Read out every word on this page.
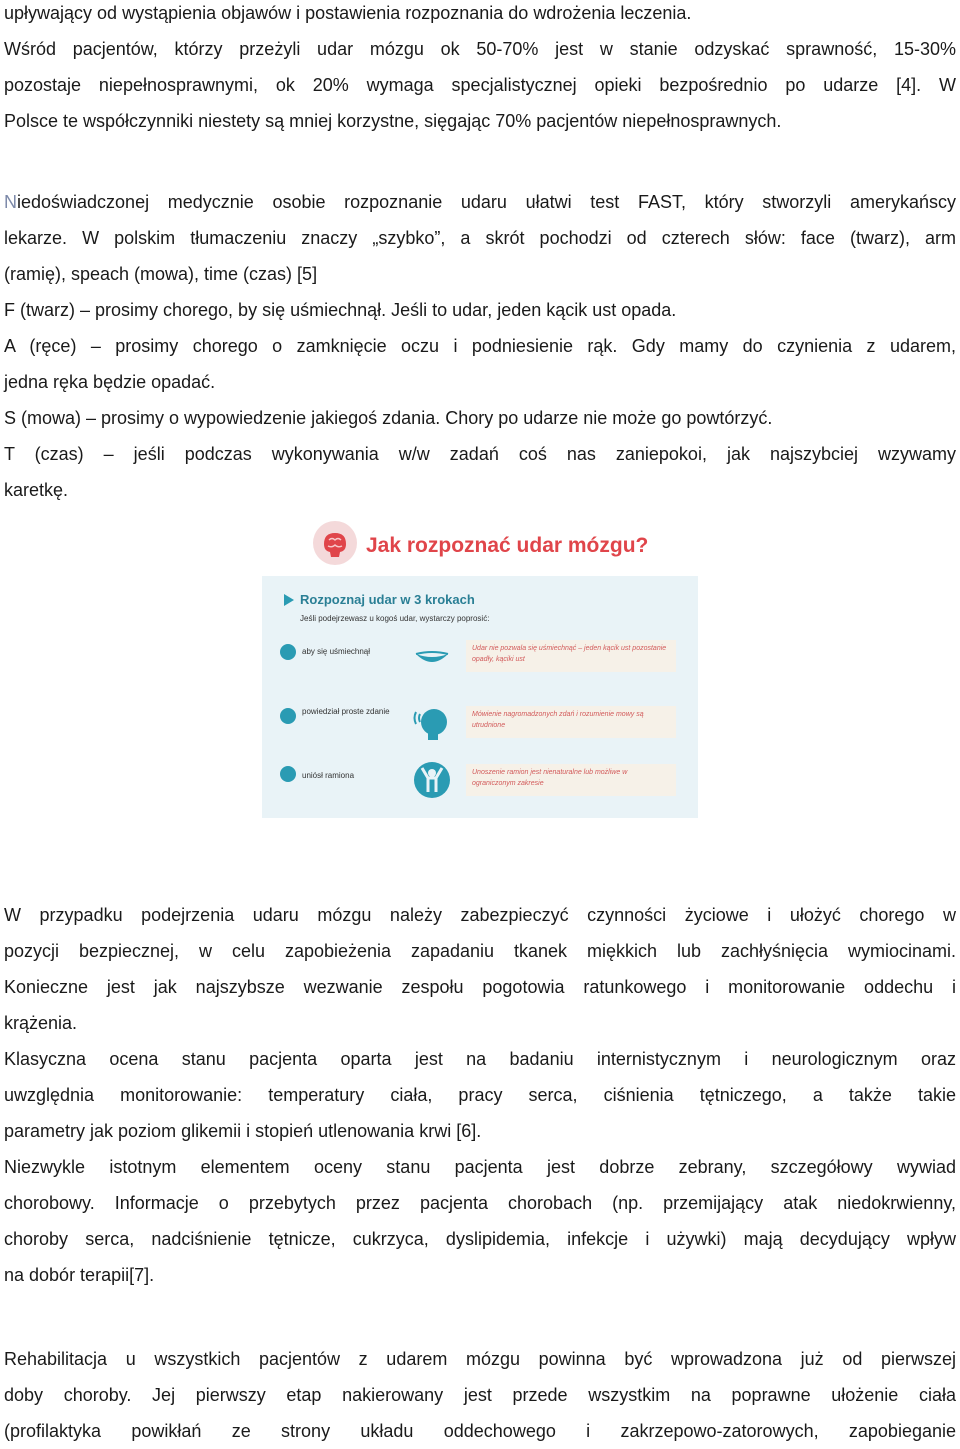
upływający od wystąpienia objawów i postawienia rozpoznania do wdrożenia leczenia.
Wśród pacjentów, którzy przeżyli udar mózgu ok 50-70% jest w stanie odzyskać sprawność, 15-30%
pozostaje niepełnosprawnymi, ok 20% wymaga specjalistycznej opieki bezpośrednio po udarze [4]. W
Polsce te współczynniki niestety są mniej korzystne, sięgając 70% pacjentów niepełnosprawnych.
Niedoświadczonej medycznie osobie rozpoznanie udaru ułatwi test FAST, który stworzyli amerykańscy
lekarze. W polskim tłumaczeniu znaczy „szybko”, a skrót pochodzi od czterech słów: face (twarz), arm
(ramię), speach (mowa), time (czas) [5]
F (twarz) – prosimy chorego, by się uśmiechnął. Jeśli to udar, jeden kącik ust opada.
A (ręce) – prosimy chorego o zamknięcie oczu i podniesienie rąk. Gdy mamy do czynienia z udarem,
jedna ręka będzie opadać.
S (mowa) – prosimy o wypowiedzenie jakiegoś zdania. Chory po udarze nie może go powtórzyć.
T (czas) – jeśli podczas wykonywania w/w zadań coś nas zaniepokoi, jak najszybciej wzywamy
karetkę.
Jak rozpoznać udar mózgu?
Rozpoznaj udar w 3 krokach
Jeśli podejrzewasz u kogoś udar, wystarczy poprosić:
aby się uśmiechnął	Udar nie pozwala się uśmiechnąć – jeden kącik ust pozostanie opadły, kąciki ust
powiedział proste zdanie	Mówienie nagromadzonych zdań i rozumienie mowy są utrudnione
uniósł ramiona	Unoszenie ramion jest nienaturalne lub możliwe w ograniczonym zakresie
W przypadku podejrzenia udaru mózgu należy zabezpieczyć czynności życiowe i ułożyć chorego w
pozycji bezpiecznej, w celu zapobieżenia zapadaniu tkanek miękkich lub zachłyśnięcia wymiocinami.
Konieczne jest jak najszybsze wezwanie zespołu pogotowia ratunkowego i monitorowanie oddechu i
krążenia.
Klasyczna ocena stanu pacjenta oparta jest na badaniu internistycznym i neurologicznym oraz
uwzględnia monitorowanie: temperatury ciała, pracy serca, ciśnienia tętniczego, a także takie
parametry jak poziom glikemii i stopień utlenowania krwi [6].
Niezwykle istotnym elementem oceny stanu pacjenta jest dobrze zebrany, szczegółowy wywiad
chorobowy. Informacje o przebytych przez pacjenta chorobach (np. przemijający atak niedokrwienny,
choroby serca, nadciśnienie tętnicze, cukrzyca, dyslipidemia, infekcje i używki) mają decydujący wpływ
na dobór terapii[7].
Rehabilitacja u wszystkich pacjentów z udarem mózgu powinna być wprowadzona już od pierwszej
doby choroby. Jej pierwszy etap nakierowany jest przede wszystkim na poprawne ułożenie ciała
(profilaktyka powikłań ze strony układu oddechowego i zakrzepowo-zatorowych, zapobieganie
